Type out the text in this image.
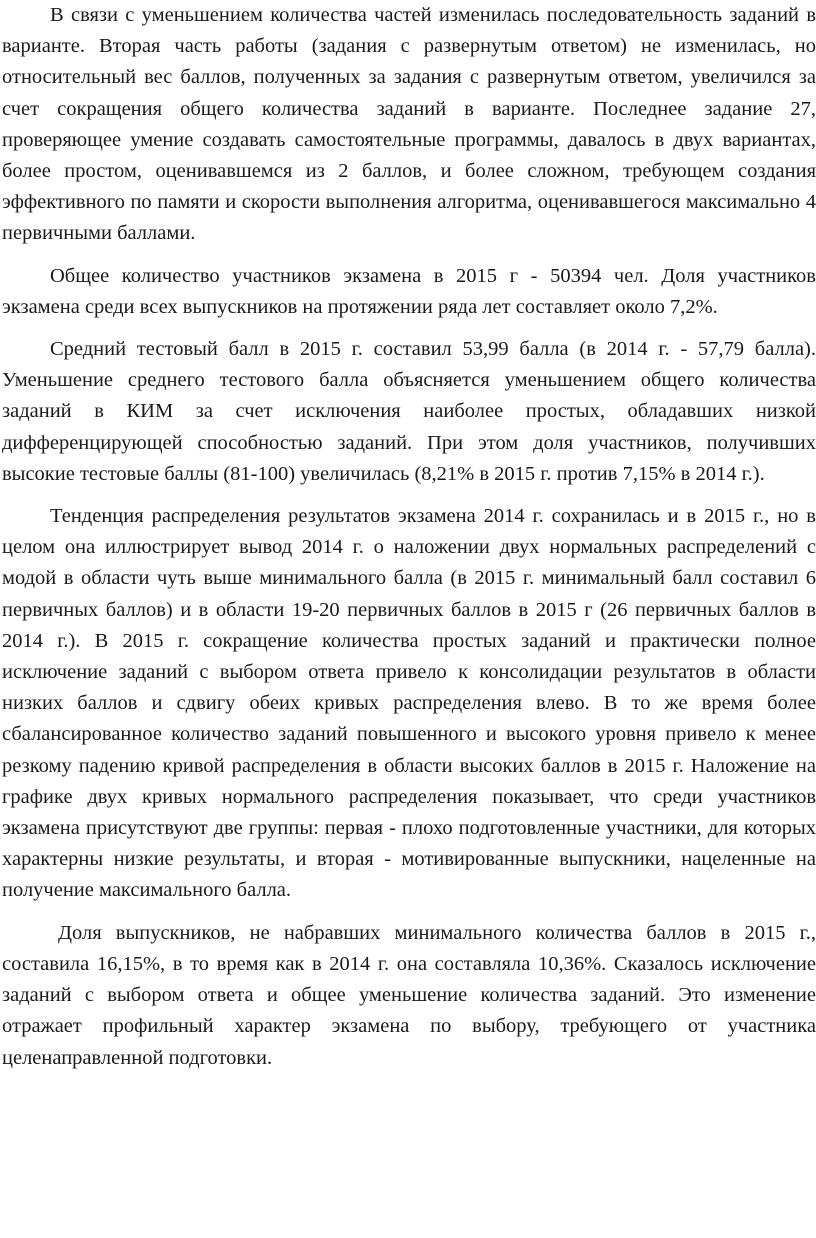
В связи с уменьшением количества частей изменилась последовательность заданий в варианте. Вторая часть работы (задания с развернутым ответом) не изменилась, но относительный вес баллов, полученных за задания с развернутым ответом, увеличился за счет сокращения общего количества заданий в варианте. Последнее задание 27, проверяющее умение создавать самостоятельные программы, давалось в двух вариантах, более простом, оценивавшемся из 2 баллов, и более сложном, требующем создания эффективного по памяти и скорости выполнения алгоритма, оценивавшегося максимально 4 первичными баллами.

Общее количество участников экзамена в 2015 г - 50394 чел. Доля участников экзамена среди всех выпускников на протяжении ряда лет составляет около 7,2%.

Средний тестовый балл в 2015 г. составил 53,99 балла (в 2014 г. - 57,79 балла). Уменьшение среднего тестового балла объясняется уменьшением общего количества заданий в КИМ за счет исключения наиболее простых, обладавших низкой дифференцирующей способностью заданий. При этом доля участников, получивших высокие тестовые баллы (81-100) увеличилась (8,21% в 2015 г. против 7,15% в 2014 г.).

Тенденция распределения результатов экзамена 2014 г. сохранилась и в 2015 г., но в целом она иллюстрирует вывод 2014 г. о наложении двух нормальных распределений с модой в области чуть выше минимального балла (в 2015 г. минимальный балл составил 6 первичных баллов) и в области 19-20 первичных баллов в 2015 г (26 первичных баллов в 2014 г.). В 2015 г. сокращение количества простых заданий и практически полное исключение заданий с выбором ответа привело к консолидации результатов в области низких баллов и сдвигу обеих кривых распределения влево. В то же время более сбалансированное количество заданий повышенного и высокого уровня привело к менее резкому падению кривой распределения в области высоких баллов в 2015 г. Наложение на графике двух кривых нормального распределения показывает, что среди участников экзамена присутствуют две группы: первая - плохо подготовленные участники, для которых характерны низкие результаты, и вторая - мотивированные выпускники, нацеленные на получение максимального балла.

Доля выпускников, не набравших минимального количества баллов в 2015 г., составила 16,15%, в то время как в 2014 г. она составляла 10,36%. Сказалось исключение заданий с выбором ответа и общее уменьшение количества заданий. Это изменение отражает профильный характер экзамена по выбору, требующего от участника целенаправленной подготовки.
